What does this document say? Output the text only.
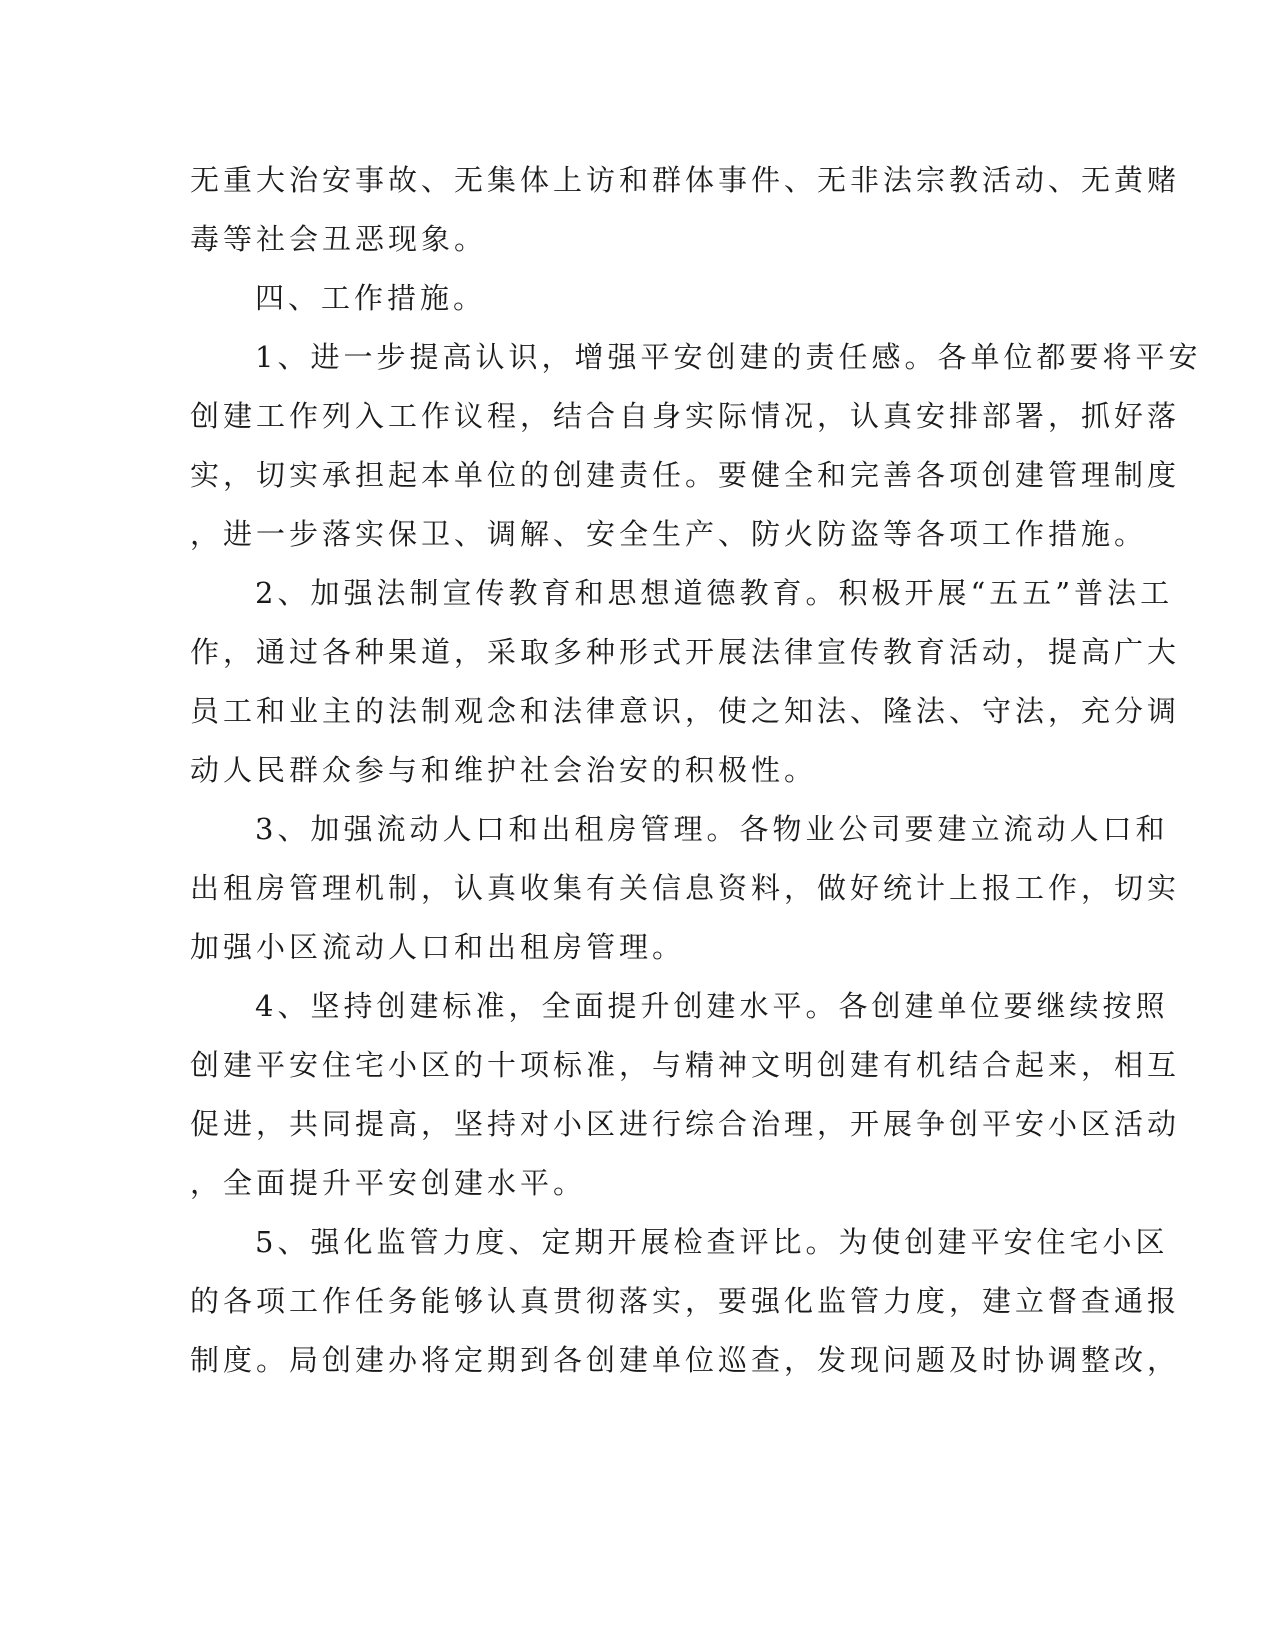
无重大治安事故、无集体上访和群体事件、无非法宗教活动、无黄赌

毒等社会丑恶现象。

四、工作措施。

1、进一步提高认识，增强平安创建的责任感。各单位都要将平安

创建工作列入工作议程，结合自身实际情况，认真安排部署，抓好落

实，切实承担起本单位的创建责任。要健全和完善各项创建管理制度

，进一步落实保卫、调解、安全生产、防火防盗等各项工作措施。

2、加强法制宣传教育和思想道德教育。积极开展“五五”普法工

作，通过各种果道，采取多种形式开展法律宣传教育活动，提高广大

员工和业主的法制观念和法律意识，使之知法、隆法、守法，充分调

动人民群众参与和维护社会治安的积极性。

3、加强流动人口和出租房管理。各物业公司要建立流动人口和

出租房管理机制，认真收集有关信息资料，做好统计上报工作，切实

加强小区流动人口和出租房管理。

4、坚持创建标准，全面提升创建水平。各创建单位要继续按照

创建平安住宅小区的十项标准，与精神文明创建有机结合起来，相互

促进，共同提高，坚持对小区进行综合治理，开展争创平安小区活动

，全面提升平安创建水平。

5、强化监管力度、定期开展检查评比。为使创建平安住宅小区

的各项工作任务能够认真贯彻落实，要强化监管力度，建立督查通报

制度。局创建办将定期到各创建单位巡查，发现问题及时协调整改，
